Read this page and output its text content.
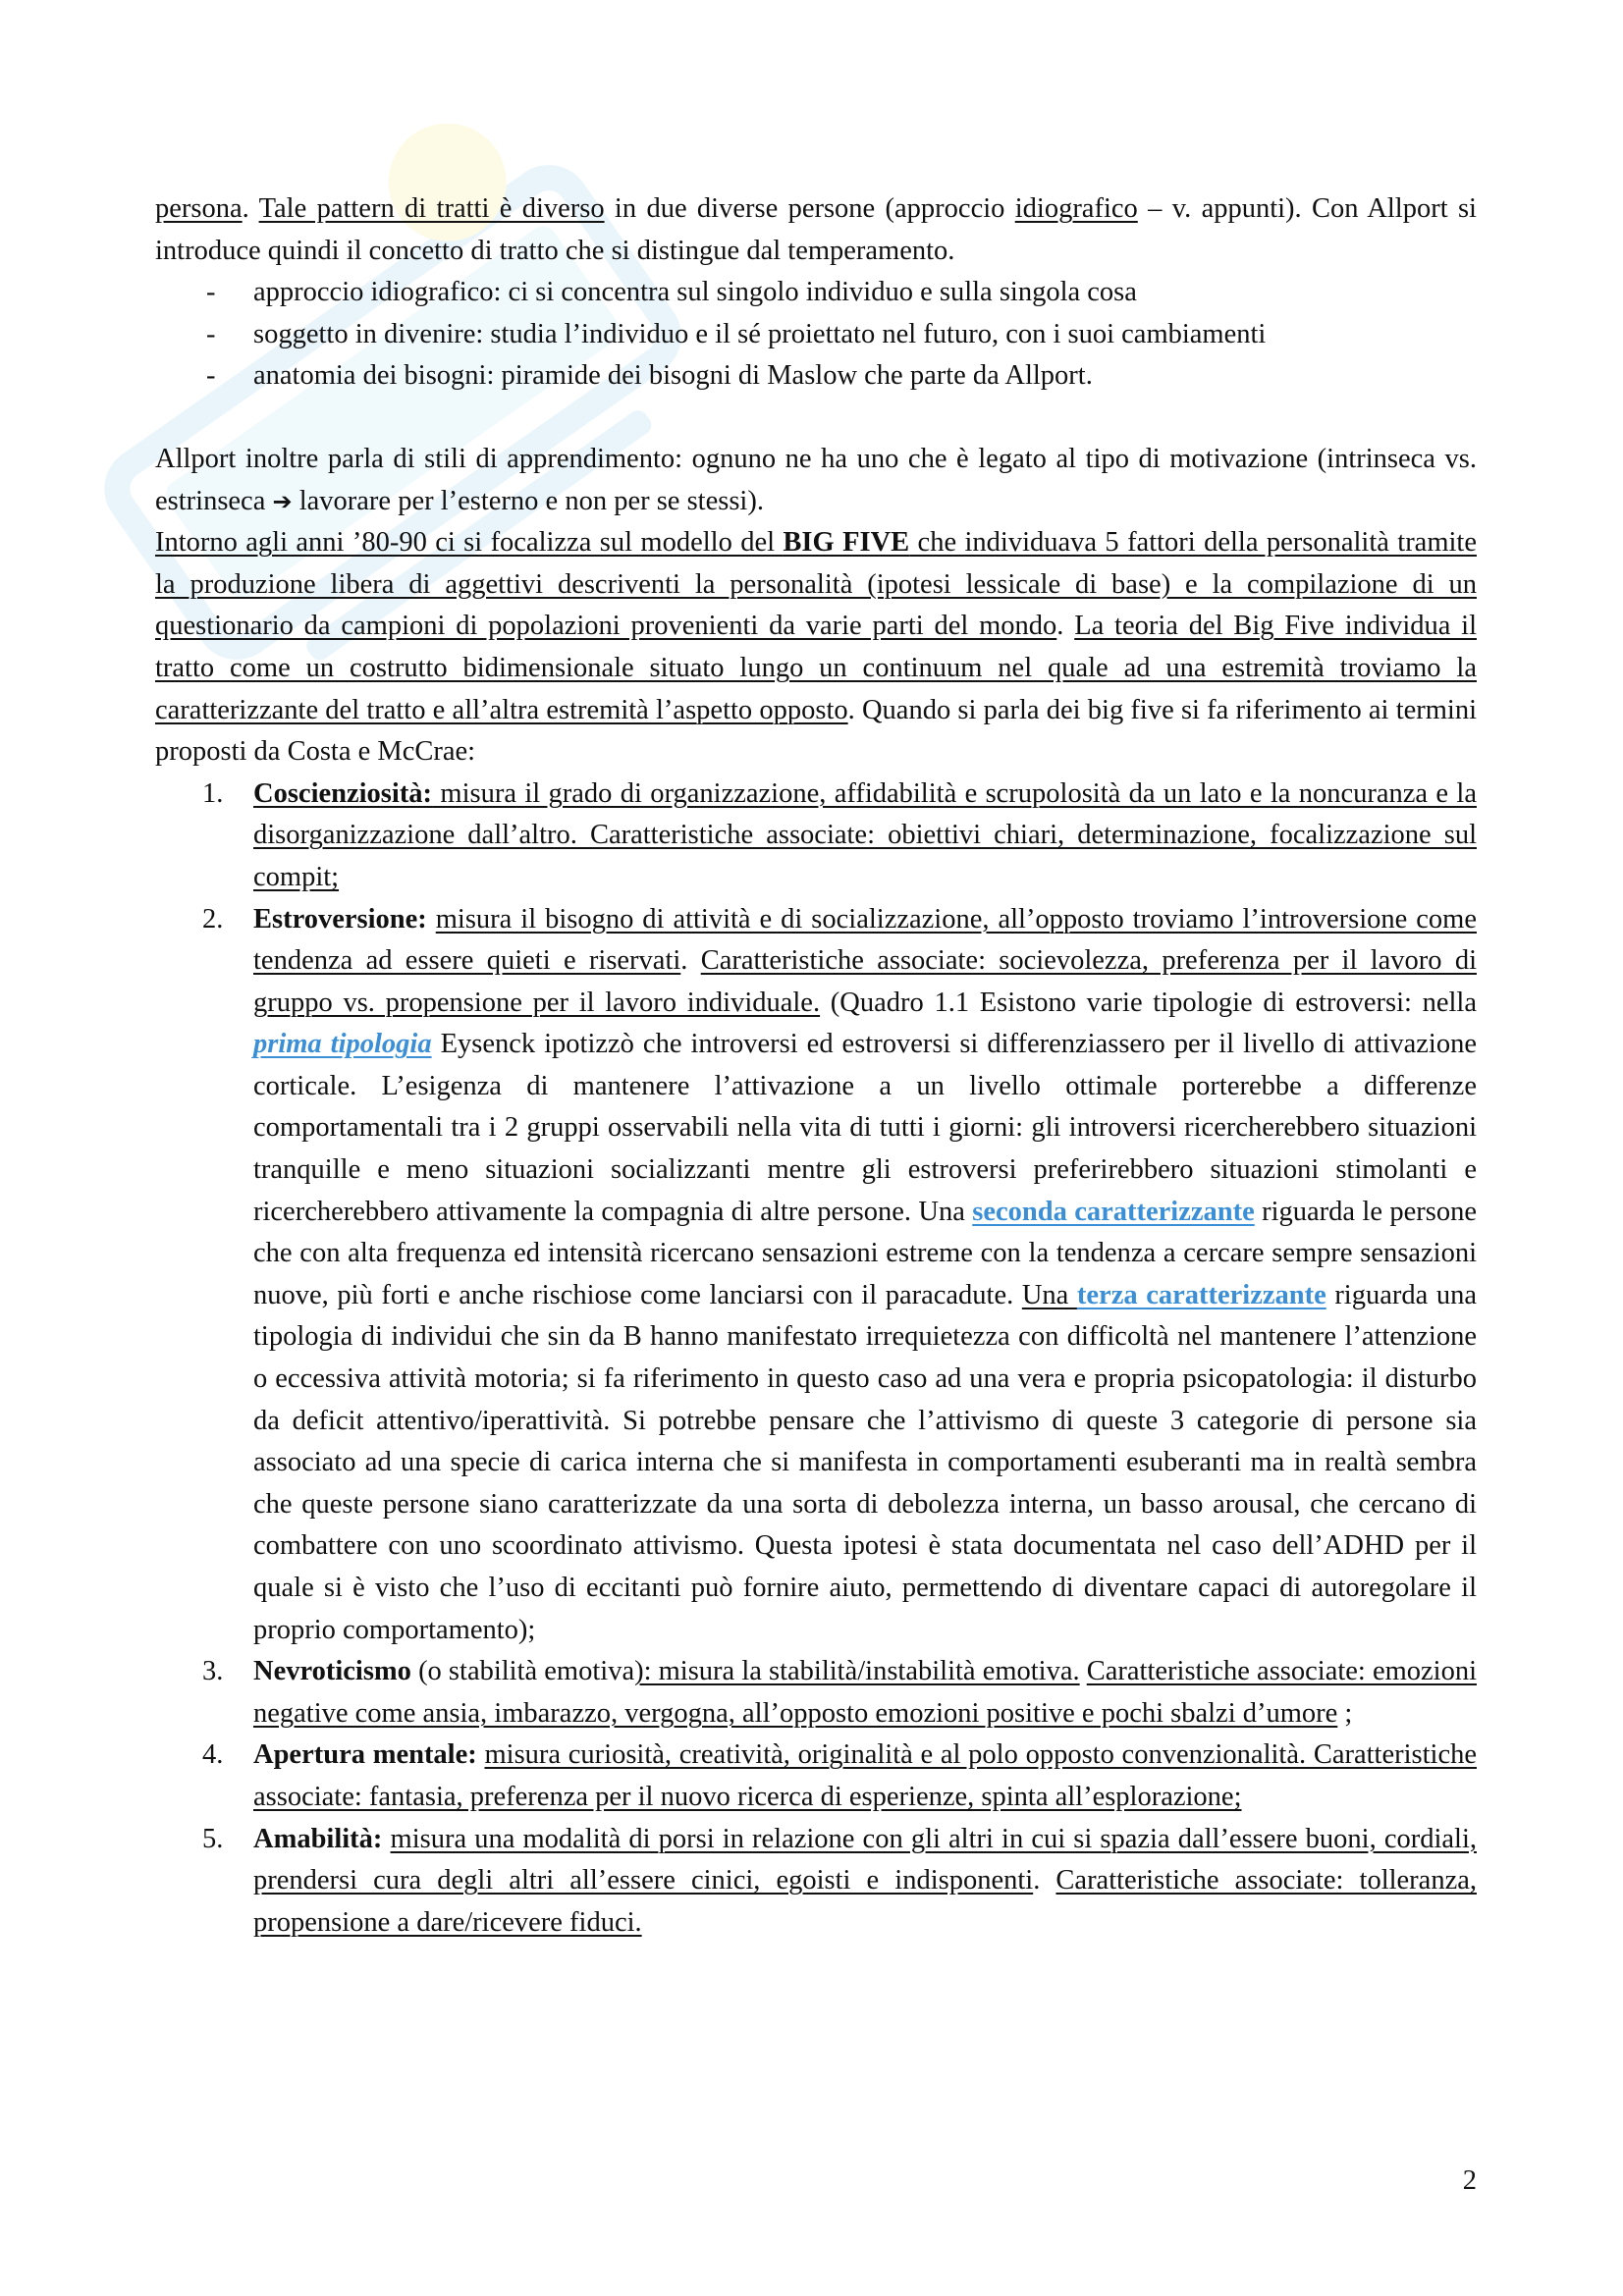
persona. Tale pattern di tratti è diverso in due diverse persone (approccio idiografico – v. appunti). Con Allport si introduce quindi il concetto di tratto che si distingue dal temperamento.

- approccio idiografico: ci si concentra sul singolo individuo e sulla singola cosa
- soggetto in divenire: studia l’individuo e il sé proiettato nel futuro, con i suoi cambiamenti
- anatomia dei bisogni: piramide dei bisogni di Maslow che parte da Allport.

Allport inoltre parla di stili di apprendimento: ognuno ne ha uno che è legato al tipo di motivazione (intrinseca vs. estrinseca ➔ lavorare per l’esterno e non per se stessi).

Intorno agli anni ’80-90 ci si focalizza sul modello del BIG FIVE che individuava 5 fattori della personalità tramite la produzione libera di aggettivi descriventi la personalità (ipotesi lessicale di base) e la compilazione di un questionario da campioni di popolazioni provenienti da varie parti del mondo. La teoria del Big Five individua il tratto come un costrutto bidimensionale situato lungo un continuum nel quale ad una estremità troviamo la caratterizzante del tratto e all’altra estremità l’aspetto opposto. Quando si parla dei big five si fa riferimento ai termini proposti da Costa e McCrae:

1. Coscienziosità: misura il grado di organizzazione, affidabilità e scrupolosità da un lato e la noncuranza e la disorganizzazione dall’altro. Caratteristiche associate: obiettivi chiari, determinazione, focalizzazione sul compit;
2. Estroversione: misura il bisogno di attività e di socializzazione, all’opposto troviamo l’introversione come tendenza ad essere quieti e riservati. Caratteristiche associate: socievolezza, preferenza per il lavoro di gruppo vs. propensione per il lavoro individuale. (Quadro 1.1 Esistono varie tipologie di estroversi: nella prima tipologia Eysenck ipotizzò che introversi ed estroversi si differenziassero per il livello di attivazione corticale. L’esigenza di mantenere l’attivazione a un livello ottimale porterebbe a differenze comportamentali tra i 2 gruppi osservabili nella vita di tutti i giorni: gli introversi ricercherebbero situazioni tranquille e meno situazioni socializzanti mentre gli estroversi preferirebbero situazioni stimolanti e ricercherebbero attivamente la compagnia di altre persone. Una seconda caratterizzante riguarda le persone che con alta frequenza ed intensità ricercano sensazioni estreme con la tendenza a cercare sempre sensazioni nuove, più forti e anche rischiose come lanciarsi con il paracadute. Una terza caratterizzante riguarda una tipologia di individui che sin da B hanno manifestato irrequietezza con difficoltà nel mantenere l’attenzione o eccessiva attività motoria; si fa riferimento in questo caso ad una vera e propria psicopatologia: il disturbo da deficit attentivo/iperattività. Si potrebbe pensare che l’attivismo di queste 3 categorie di persone sia associato ad una specie di carica interna che si manifesta in comportamenti esuberanti ma in realtà sembra che queste persone siano caratterizzate da una sorta di debolezza interna, un basso arousal, che cercano di combattere con uno scoordinato attivismo. Questa ipotesi è stata documentata nel caso dell’ADHD per il quale si è visto che l’uso di eccitanti può fornire aiuto, permettendo di diventare capaci di autoregolare il proprio comportamento);
3. Nevroticismo (o stabilità emotiva): misura la stabilità/instabilità emotiva. Caratteristiche associate: emozioni negative come ansia, imbarazzo, vergogna, all’opposto emozioni positive e pochi sbalzi d’umore ;
4. Apertura mentale: misura curiosità, creatività, originalità e al polo opposto convenzionalità. Caratteristiche associate: fantasia, preferenza per il nuovo ricerca di esperienze, spinta all’esplorazione;
5. Amabilità: misura una modalità di porsi in relazione con gli altri in cui si spazia dall’essere buoni, cordiali, prendersi cura degli altri all’essere cinici, egoisti e indisponenti. Caratteristiche associate: tolleranza, propensione a dare/ricevere fiduci.
2
